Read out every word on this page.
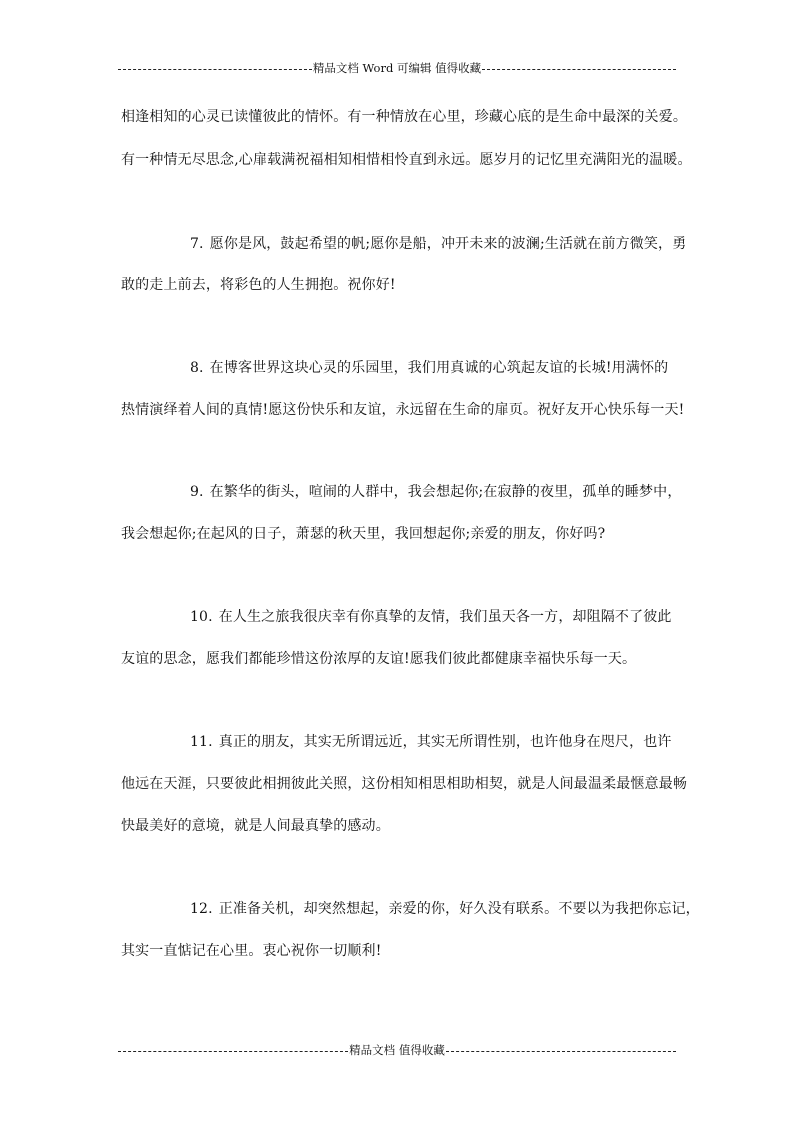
精品文档 Word 可编辑 值得收藏
相逢相知的心灵已读懂彼此的情怀。有一种情放在心里，珍藏心底的是生命中最深的关爱。
有一种情无尽思念,心扉载满祝福相知相惜相怜直到永远。愿岁月的记忆里充满阳光的温暖。
7. 愿你是风，鼓起希望的帆;愿你是船，冲开未来的波澜;生活就在前方微笑，勇
敢的走上前去，将彩色的人生拥抱。祝你好!
8. 在博客世界这块心灵的乐园里，我们用真诚的心筑起友谊的长城!用满怀的
热情演绎着人间的真情!愿这份快乐和友谊，永远留在生命的扉页。祝好友开心快乐每一天!
9. 在繁华的街头，喧闹的人群中，我会想起你;在寂静的夜里，孤单的睡梦中，
我会想起你;在起风的日子，萧瑟的秋天里，我回想起你;亲爱的朋友，你好吗?
10. 在人生之旅我很庆幸有你真挚的友情，我们虽天各一方，却阻隔不了彼此
友谊的思念，愿我们都能珍惜这份浓厚的友谊!愿我们彼此都健康幸福快乐每一天。
11. 真正的朋友，其实无所谓远近，其实无所谓性别，也许他身在咫尺，也许
他远在天涯，只要彼此相拥彼此关照，这份相知相思相助相契，就是人间最温柔最惬意最畅
快最美好的意境，就是人间最真挚的感动。
12. 正准备关机，却突然想起，亲爱的你，好久没有联系。不要以为我把你忘记，
其实一直惦记在心里。衷心祝你一切顺利!
精品文档 值得收藏
